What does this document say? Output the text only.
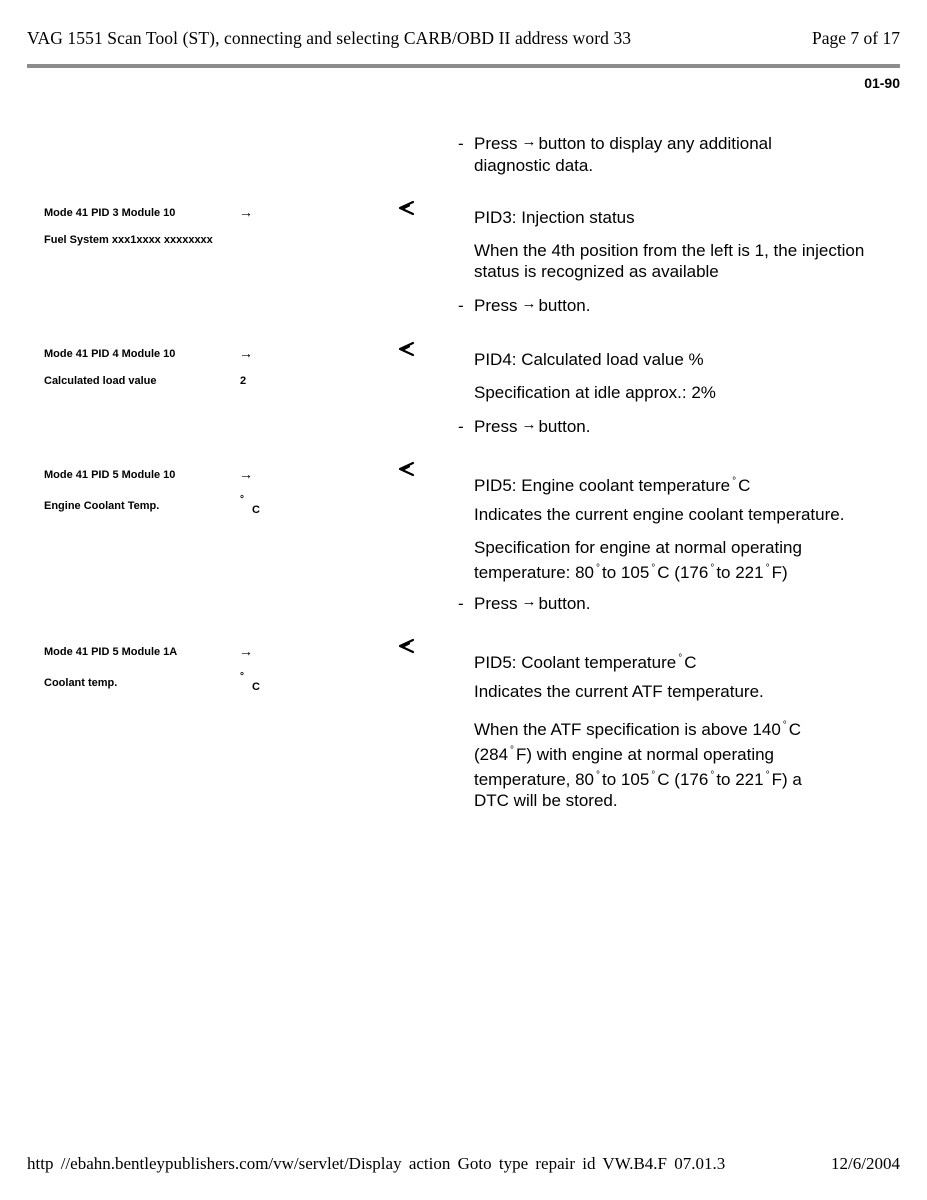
VAG 1551 Scan Tool (ST), connecting and selecting CARB/OBD II address word 33	Page 7 of 17
01-90
- Press → button to display any additional
diagnostic data.
Mode 41 PID 3 Module 10	→
Fuel System xxx1xxxx xxxxxxxx
PID3: Injection status
When the 4th position from the left is 1, the injection status is recognized as available
- Press → button.
Mode 41 PID 4 Module 10	→
Calculated load value	2
PID4: Calculated load value %
Specification at idle approx.: 2%
- Press → button.
Mode 41 PID 5 Module 10	→
Engine Coolant Temp.
°
C
PID5: Engine coolant temperature ° C
Indicates the current engine coolant temperature.
Specification for engine at normal operating
temperature: 80 ° to 105 ° C (176 ° to 221 ° F)
- Press → button.
Mode 41 PID 5 Module 1A	→
Coolant temp.
°
C
PID5: Coolant temperature ° C
Indicates the current ATF temperature.
When the ATF specification is above 140 ° C
(284 ° F) with engine at normal operating
temperature, 80 ° to 105 ° C (176 ° to 221 ° F) a
DTC will be stored.
http //ebahn.bentleypublishers.com/vw/servlet/Display action Goto type repair id VW.B4.F 07.01.3	12/6/2004
